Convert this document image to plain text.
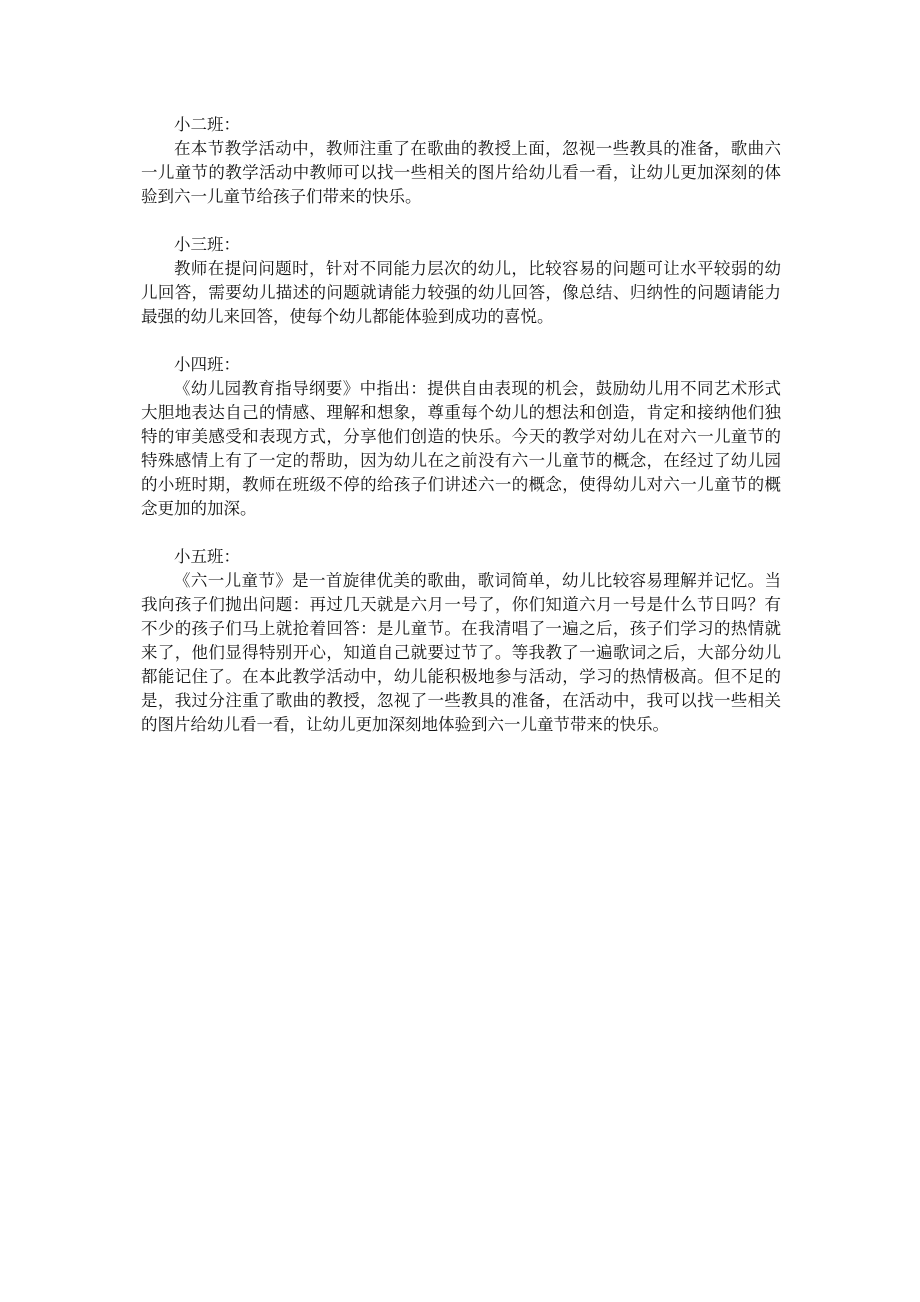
小二班：
在本节教学活动中，教师注重了在歌曲的教授上面，忽视一些教具的准备，歌曲六一儿童节的教学活动中教师可以找一些相关的图片给幼儿看一看，让幼儿更加深刻的体验到六一儿童节给孩子们带来的快乐。
小三班：
教师在提问问题时，针对不同能力层次的幼儿，比较容易的问题可让水平较弱的幼儿回答，需要幼儿描述的问题就请能力较强的幼儿回答，像总结、归纳性的问题请能力最强的幼儿来回答，使每个幼儿都能体验到成功的喜悦。
小四班：
《幼儿园教育指导纲要》中指出：提供自由表现的机会，鼓励幼儿用不同艺术形式大胆地表达自己的情感、理解和想象，尊重每个幼儿的想法和创造，肯定和接纳他们独特的审美感受和表现方式，分享他们创造的快乐。今天的教学对幼儿在对六一儿童节的特殊感情上有了一定的帮助，因为幼儿在之前没有六一儿童节的概念，在经过了幼儿园的小班时期，教师在班级不停的给孩子们讲述六一的概念，使得幼儿对六一儿童节的概念更加的加深。
小五班：
《六一儿童节》是一首旋律优美的歌曲，歌词简单，幼儿比较容易理解并记忆。当我向孩子们抛出问题：再过几天就是六月一号了，你们知道六月一号是什么节日吗？有不少的孩子们马上就抢着回答：是儿童节。在我清唱了一遍之后，孩子们学习的热情就来了，他们显得特别开心，知道自己就要过节了。等我教了一遍歌词之后，大部分幼儿都能记住了。在本此教学活动中，幼儿能积极地参与活动，学习的热情极高。但不足的是，我过分注重了歌曲的教授，忽视了一些教具的准备，在活动中，我可以找一些相关的图片给幼儿看一看，让幼儿更加深刻地体验到六一儿童节带来的快乐。
